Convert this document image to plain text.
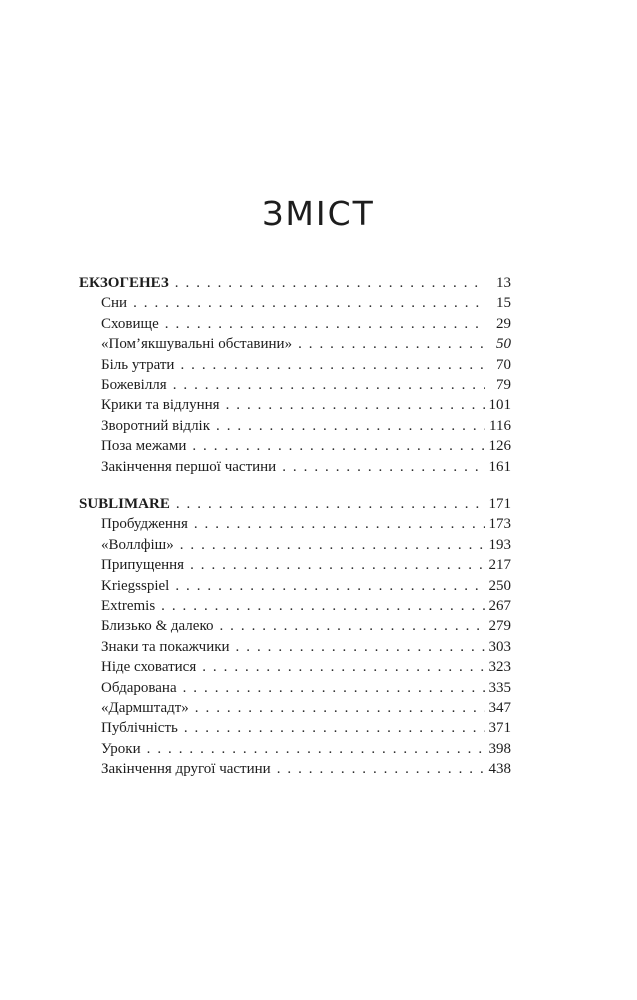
ЗМІСТ
ЕКЗОГЕНЕЗ . . .	13
Сни . . .	15
Сховище . . .	29
«Пом’якшувальні обставини» . . .	50
Біль утрати . . .	70
Божевілля . . .	79
Крики та відлуння . . .	101
Зворотний відлік . . .	116
Поза межами . . .	126
Закінчення першої частини . . .	161
SUBLIMARE . . .	171
Пробудження . . .	173
«Воллфіш» . . .	193
Припущення . . .	217
Kriegsspiel . . .	250
Extremis . . .	267
Близько & далеко . . .	279
Знаки та покажчики . . .	303
Ніде сховатися . . .	323
Обдарована . . .	335
«Дармштадт» . . .	347
Публічність . . .	371
Уроки . . .	398
Закінчення другої частини . . .	438
